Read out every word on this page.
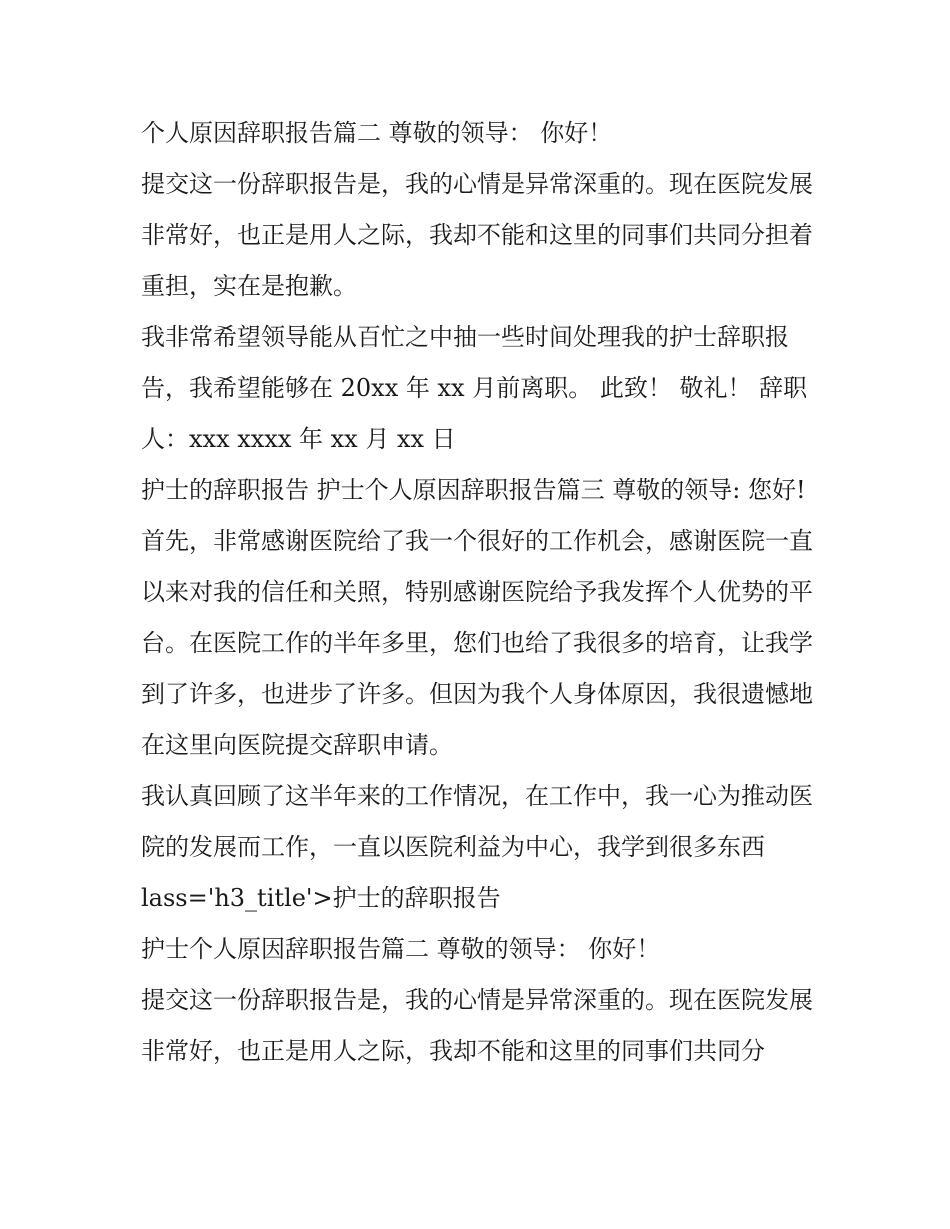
个人原因辞职报告篇二 尊敬的领导： 你好！

提交这一份辞职报告是，我的心情是异常深重的。现在医院发展非常好，也正是用人之际，我却不能和这里的同事们共同分担着重担，实在是抱歉。

我非常希望领导能从百忙之中抽一些时间处理我的护士辞职报告，我希望能够在 20xx 年 xx 月前离职。 此致！ 敬礼！ 辞职人：xxx xxxx 年 xx 月 xx 日

护士的辞职报告 护士个人原因辞职报告篇三 尊敬的领导: 您好!

首先，非常感谢医院给了我一个很好的工作机会，感谢医院一直以来对我的信任和关照，特别感谢医院给予我发挥个人优势的平台。在医院工作的半年多里，您们也给了我很多的培育，让我学到了许多，也进步了许多。但因为我个人身体原因，我很遗憾地在这里向医院提交辞职申请。

我认真回顾了这半年来的工作情况，在工作中，我一心为推动医院的发展而工作，一直以医院利益为中心，我学到很多东西

lass='h3_title'>护士的辞职报告

护士个人原因辞职报告篇二 尊敬的领导： 你好！

提交这一份辞职报告是，我的心情是异常深重的。现在医院发展非常好，也正是用人之际，我却不能和这里的同事们共同分
